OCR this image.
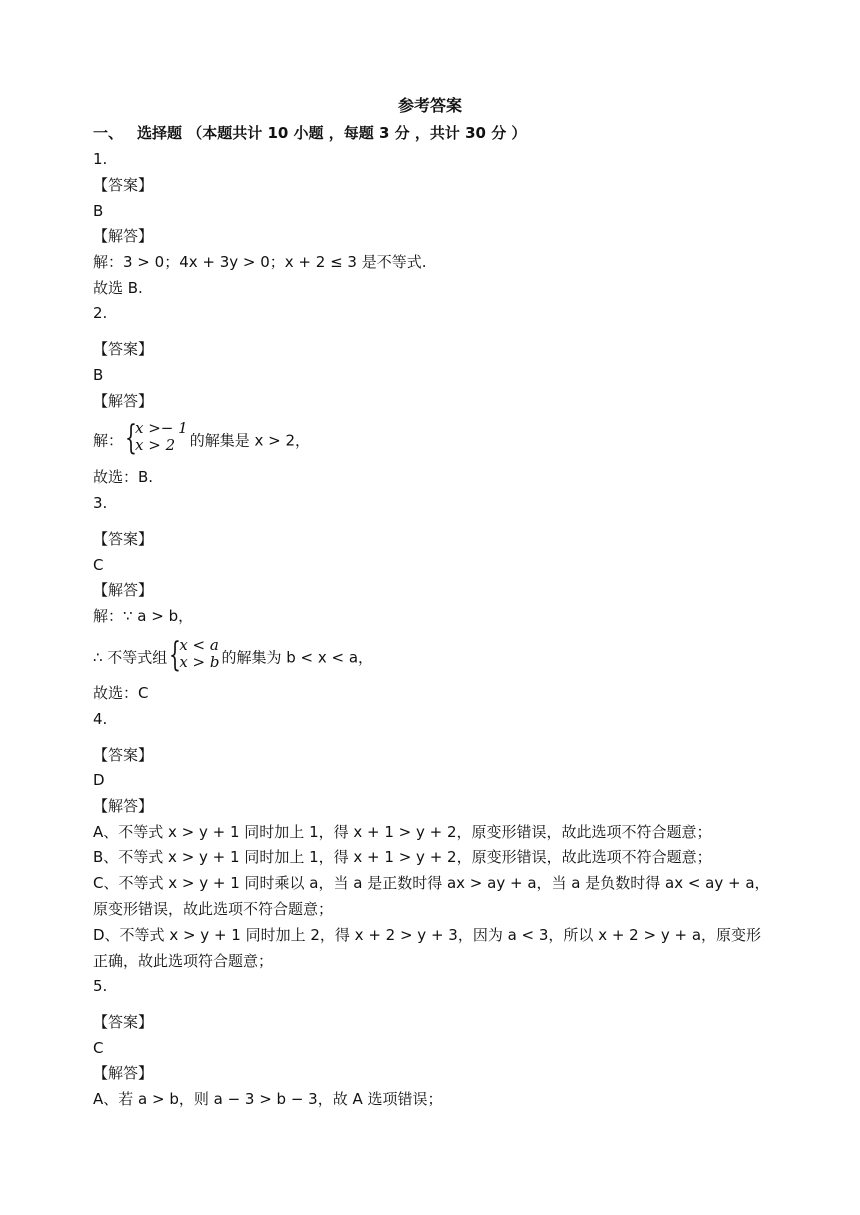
参考答案
一、 选择题 （本题共计 10 小题 ，每题 3 分 ，共计 30 分 ）
1.
【答案】
B
【解答】
解：3 > 0；4x + 3y > 0；x + 2 ≤ 3 是不等式.
故选 B.
2.
【答案】
B
【解答】
解： {
x >− 1
x > 2 的解集是 x > 2，
故选：B.
3.
【答案】
C
【解答】
解：∵ a > b，
∴ 不等式组 {
x < a
x > b 的解集为 b < x < a，
故选：C
4.
【答案】
D
【解答】
A、不等式 x > y + 1 同时加上 1，得 x + 1 > y + 2，原变形错误，故此选项不符合题意；
B、不等式 x > y + 1 同时加上 1，得 x + 1 > y + 2，原变形错误，故此选项不符合题意；
C、不等式 x > y + 1 同时乘以 a，当 a 是正数时得 ax > ay + a，当 a 是负数时得 ax < ay + a，原变形错误，故此选项不符合题意；
D、不等式 x > y + 1 同时加上 2，得 x + 2 > y + 3，因为 a < 3，所以 x + 2 > y + a，原变形正确，故此选项符合题意；
5.
【答案】
C
【解答】
A、若 a > b，则 a − 3 > b − 3，故 A 选项错误；
